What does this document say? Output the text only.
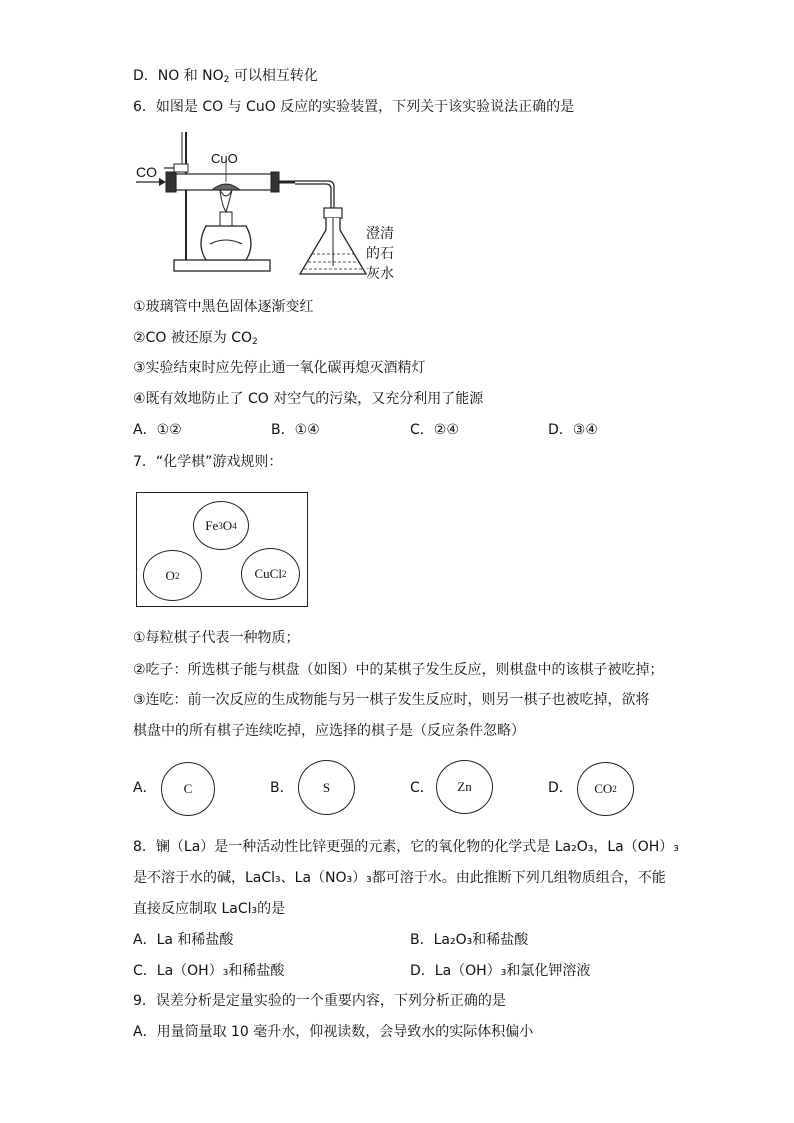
D．NO 和 $NO_2$ 可以相互转化
6．如图是 CO 与 CuO 反应的实验装置，下列关于该实验说法正确的是
CO
CuO
澄清
的石
灰水
①玻璃管中黑色固体逐渐变红
②CO 被还原为 $CO_2$
③实验结束时应先停止通一氧化碳再熄灭酒精灯
④既有效地防止了 CO 对空气的污染，又充分利用了能源
A．①②	B．①④	C．②④	D．③④
7．“化学棋”游戏规则：
Fe 3 O 4
O 2	CuCl 2
①每粒棋子代表一种物质；
②吃子：所选棋子能与棋盘（如图）中的某棋子发生反应，则棋盘中的该棋子被吃掉；
③连吃：前一次反应的生成物能与另一棋子发生反应时，则另一棋子也被吃掉，欲将
棋盘中的所有棋子连续吃掉，应选择的棋子是（反应条件忽略）
A． C	B． S	C． Zn	D． CO 2
8．镧（La）是一种活动性比锌更强的元素，它的氧化物的化学式是 La₂O₃，La（OH）₃
是不溶于水的碱，LaCl₃、La（NO₃）₃都可溶于水。由此推断下列几组物质组合，不能
直接反应制取 LaCl₃的是
A．La 和稀盐酸	B．La₂O₃和稀盐酸
C．La（OH）₃和稀盐酸	D．La（OH）₃和氯化钾溶液
9．误差分析是定量实验的一个重要内容，下列分析正确的是
A．用量筒量取 10 毫升水，仰视读数，会导致水的实际体积偏小
